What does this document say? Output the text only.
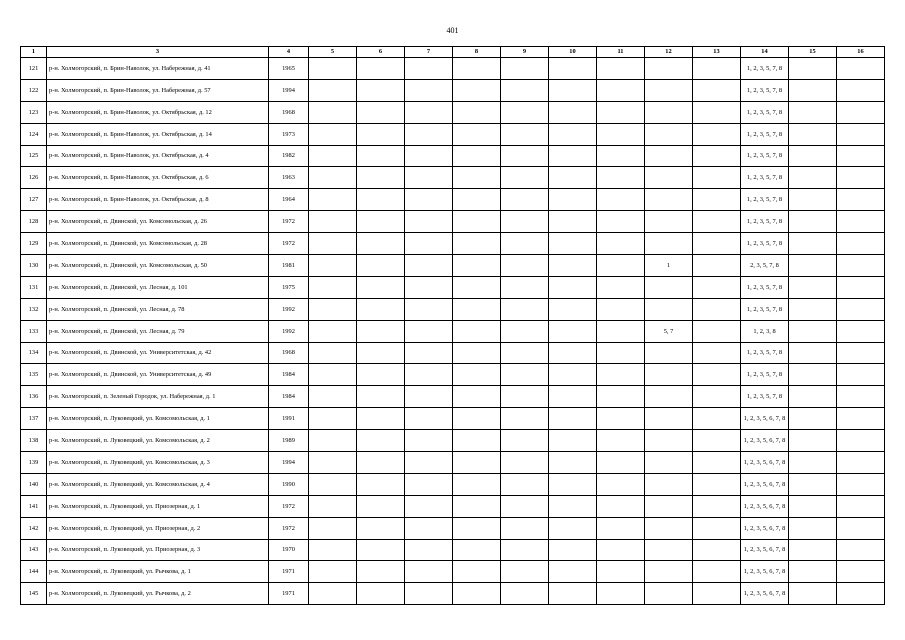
401
1	3	4	5	6	7	8	9	10	11	12	13	14	15	16
121	р-н. Холмогорский, п. Брин-Наволок, ул. Набережная, д. 41	1965										1, 2, 3, 5, 7, 8		
122	р-н. Холмогорский, п. Брин-Наволок, ул. Набережная, д. 57	1994										1, 2, 3, 5, 7, 8		
123	р-н. Холмогорский, п. Брин-Наволок, ул. Октябрьская, д. 12	1968										1, 2, 3, 5, 7, 8		
124	р-н. Холмогорский, п. Брин-Наволок, ул. Октябрьская, д. 14	1973										1, 2, 3, 5, 7, 8		
125	р-н. Холмогорский, п. Брин-Наволок, ул. Октябрьская, д. 4	1982										1, 2, 3, 5, 7, 8		
126	р-н. Холмогорский, п. Брин-Наволок, ул. Октябрьская, д. 6	1963										1, 2, 3, 5, 7, 8		
127	р-н. Холмогорский, п. Брин-Наволок, ул. Октябрьская, д. 8	1964										1, 2, 3, 5, 7, 8		
128	р-н. Холмогорский, п. Двинской, ул. Комсомольская, д. 26	1972										1, 2, 3, 5, 7, 8		
129	р-н. Холмогорский, п. Двинской, ул. Комсомольская, д. 28	1972										1, 2, 3, 5, 7, 8		
130	р-н. Холмогорский, п. Двинской, ул. Комсомольская, д. 50	1981								1		2, 3, 5, 7, 8		
131	р-н. Холмогорский, п. Двинской, ул. Лесная, д. 101	1975										1, 2, 3, 5, 7, 8		
132	р-н. Холмогорский, п. Двинской, ул. Лесная, д. 78	1992										1, 2, 3, 5, 7, 8		
133	р-н. Холмогорский, п. Двинской, ул. Лесная, д. 79	1992								5, 7		1, 2, 3, 8		
134	р-н. Холмогорский, п. Двинской, ул. Университетская, д. 42	1968										1, 2, 3, 5, 7, 8		
135	р-н. Холмогорский, п. Двинской, ул. Университетская, д. 49	1984										1, 2, 3, 5, 7, 8		
136	р-н. Холмогорский, п. Зеленый Городок, ул. Набережная, д. 1	1984										1, 2, 3, 5, 7, 8		
137	р-н. Холмогорский, п. Луковецкий, ул. Комсомольская, д. 1	1991										1, 2, 3, 5, 6, 7, 8		
138	р-н. Холмогорский, п. Луковецкий, ул. Комсомольская, д. 2	1989										1, 2, 3, 5, 6, 7, 8		
139	р-н. Холмогорский, п. Луковецкий, ул. Комсомольская, д. 3	1994										1, 2, 3, 5, 6, 7, 8		
140	р-н. Холмогорский, п. Луковецкий, ул. Комсомольская, д. 4	1990										1, 2, 3, 5, 6, 7, 8		
141	р-н. Холмогорский, п. Луковецкий, ул. Приозерная, д. 1	1972										1, 2, 3, 5, 6, 7, 8		
142	р-н. Холмогорский, п. Луковецкий, ул. Приозерная, д. 2	1972										1, 2, 3, 5, 6, 7, 8		
143	р-н. Холмогорский, п. Луковецкий, ул. Приозерная, д. 3	1970										1, 2, 3, 5, 6, 7, 8		
144	р-н. Холмогорский, п. Луковецкий, ул. Рычкова, д. 1	1971										1, 2, 3, 5, 6, 7, 8		
145	р-н. Холмогорский, п. Луковецкий, ул. Рычкова, д. 2	1971										1, 2, 3, 5, 6, 7, 8		
